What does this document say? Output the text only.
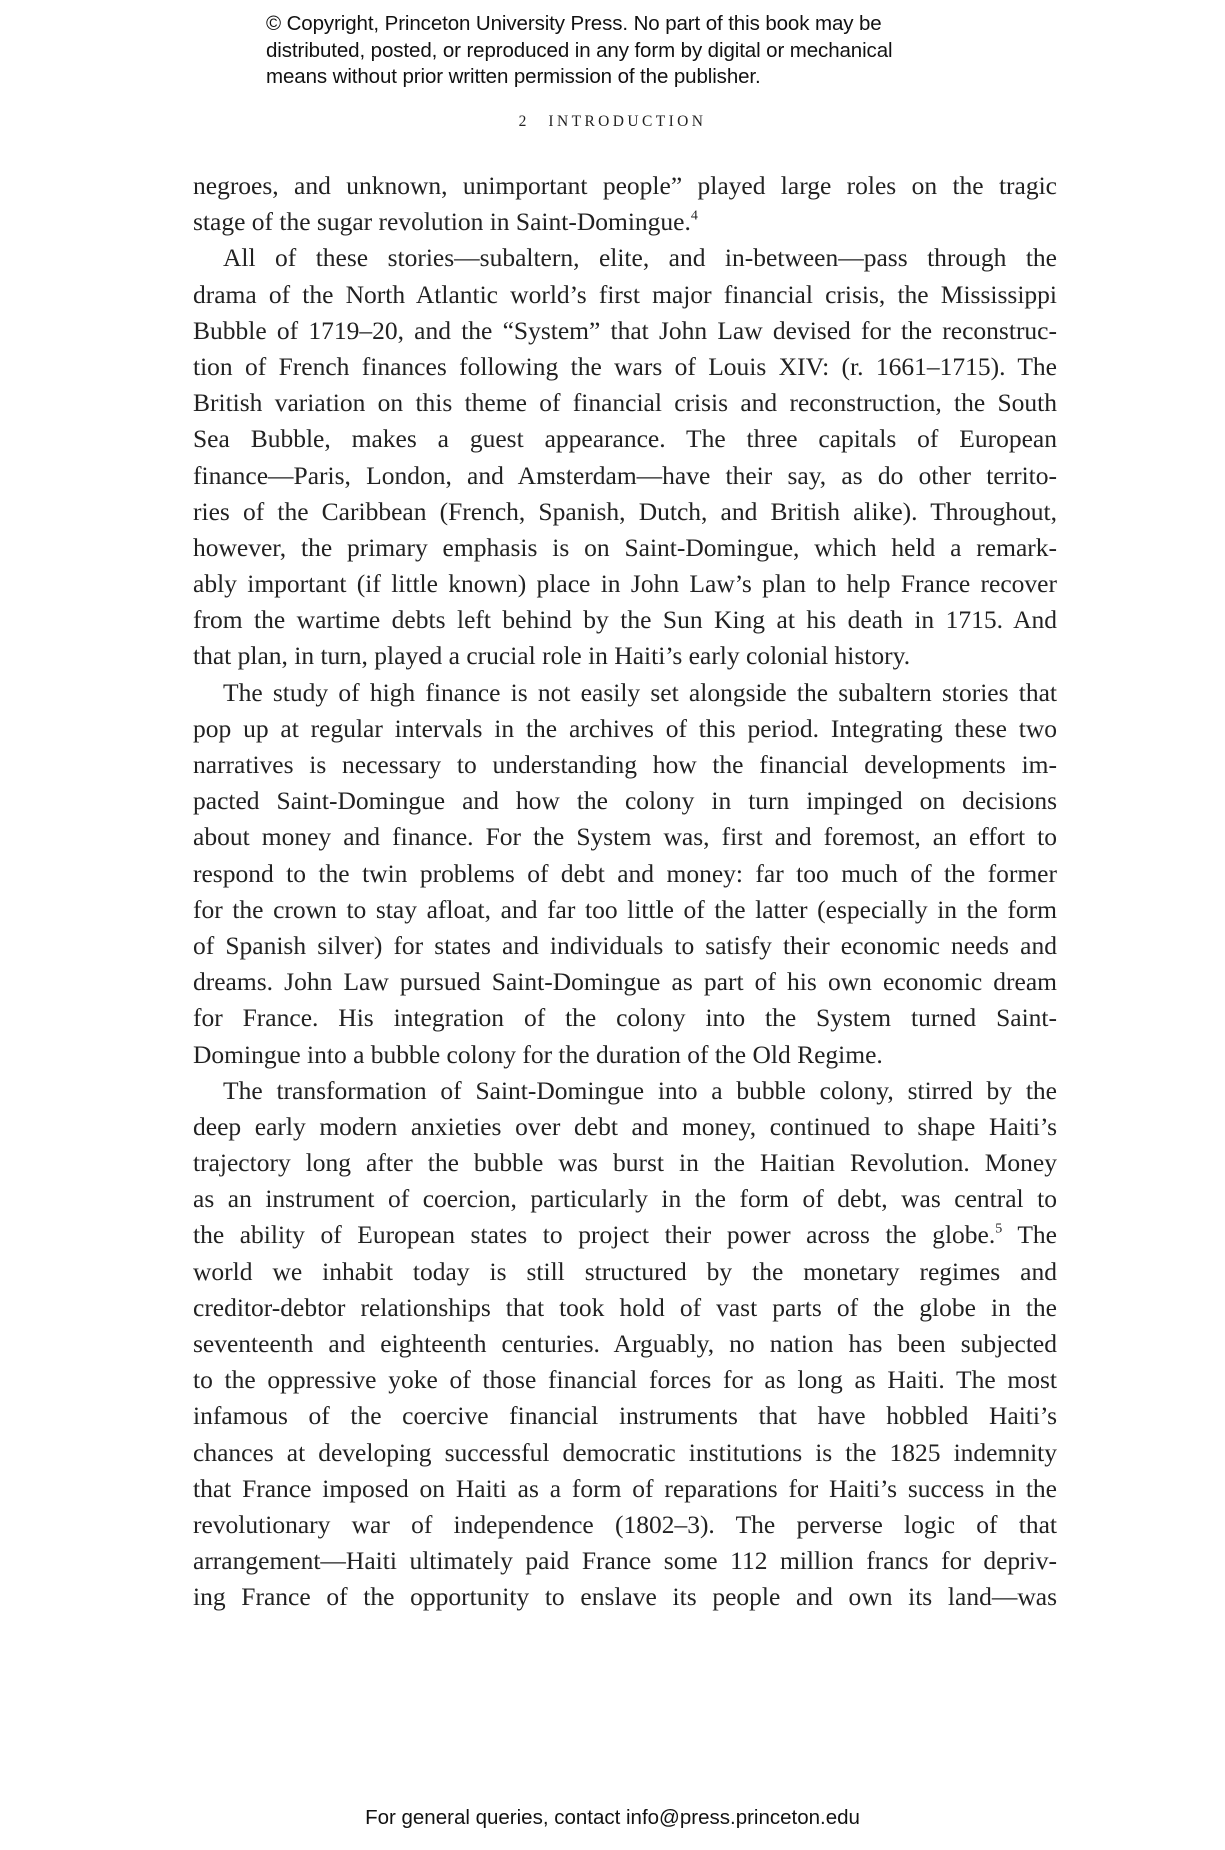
© Copyright, Princeton University Press. No part of this book may be
distributed, posted, or reproduced in any form by digital or mechanical
means without prior written permission of the publisher.
2 INTRODUCTION
negroes, and unknown, unimportant people” played large roles on the tragic
stage of the sugar revolution in Saint-Domingue.$^4$
All of these stories—subaltern, elite, and in-between—pass through the
drama of the North Atlantic world’s first major financial crisis, the Mississippi
Bubble of 1719–20, and the “System” that John Law devised for the reconstruc-
tion of French finances following the wars of Louis XIV: (r. 1661–1715). The
British variation on this theme of financial crisis and reconstruction, the South
Sea Bubble, makes a guest appearance. The three capitals of European
finance—Paris, London, and Amsterdam—have their say, as do other territo-
ries of the Caribbean (French, Spanish, Dutch, and British alike). Throughout,
however, the primary emphasis is on Saint-Domingue, which held a remark-
ably important (if little known) place in John Law’s plan to help France recover
from the wartime debts left behind by the Sun King at his death in 1715. And
that plan, in turn, played a crucial role in Haiti’s early colonial history.
The study of high finance is not easily set alongside the subaltern stories that
pop up at regular intervals in the archives of this period. Integrating these two
narratives is necessary to understanding how the financial developments im-
pacted Saint-Domingue and how the colony in turn impinged on decisions
about money and finance. For the System was, first and foremost, an effort to
respond to the twin problems of debt and money: far too much of the former
for the crown to stay afloat, and far too little of the latter (especially in the form
of Spanish silver) for states and individuals to satisfy their economic needs and
dreams. John Law pursued Saint-Domingue as part of his own economic dream
for France. His integration of the colony into the System turned Saint-
Domingue into a bubble colony for the duration of the Old Regime.
The transformation of Saint-Domingue into a bubble colony, stirred by the
deep early modern anxieties over debt and money, continued to shape Haiti’s
trajectory long after the bubble was burst in the Haitian Revolution. Money
as an instrument of coercion, particularly in the form of debt, was central to
the ability of European states to project their power across the globe.$^5$ The
world we inhabit today is still structured by the monetary regimes and
creditor-debtor relationships that took hold of vast parts of the globe in the
seventeenth and eighteenth centuries. Arguably, no nation has been subjected
to the oppressive yoke of those financial forces for as long as Haiti. The most
infamous of the coercive financial instruments that have hobbled Haiti’s
chances at developing successful democratic institutions is the 1825 indemnity
that France imposed on Haiti as a form of reparations for Haiti’s success in the
revolutionary war of independence (1802–3). The perverse logic of that
arrangement—Haiti ultimately paid France some 112 million francs for depriv-
ing France of the opportunity to enslave its people and own its land—was
For general queries, contact info@press.princeton.edu
